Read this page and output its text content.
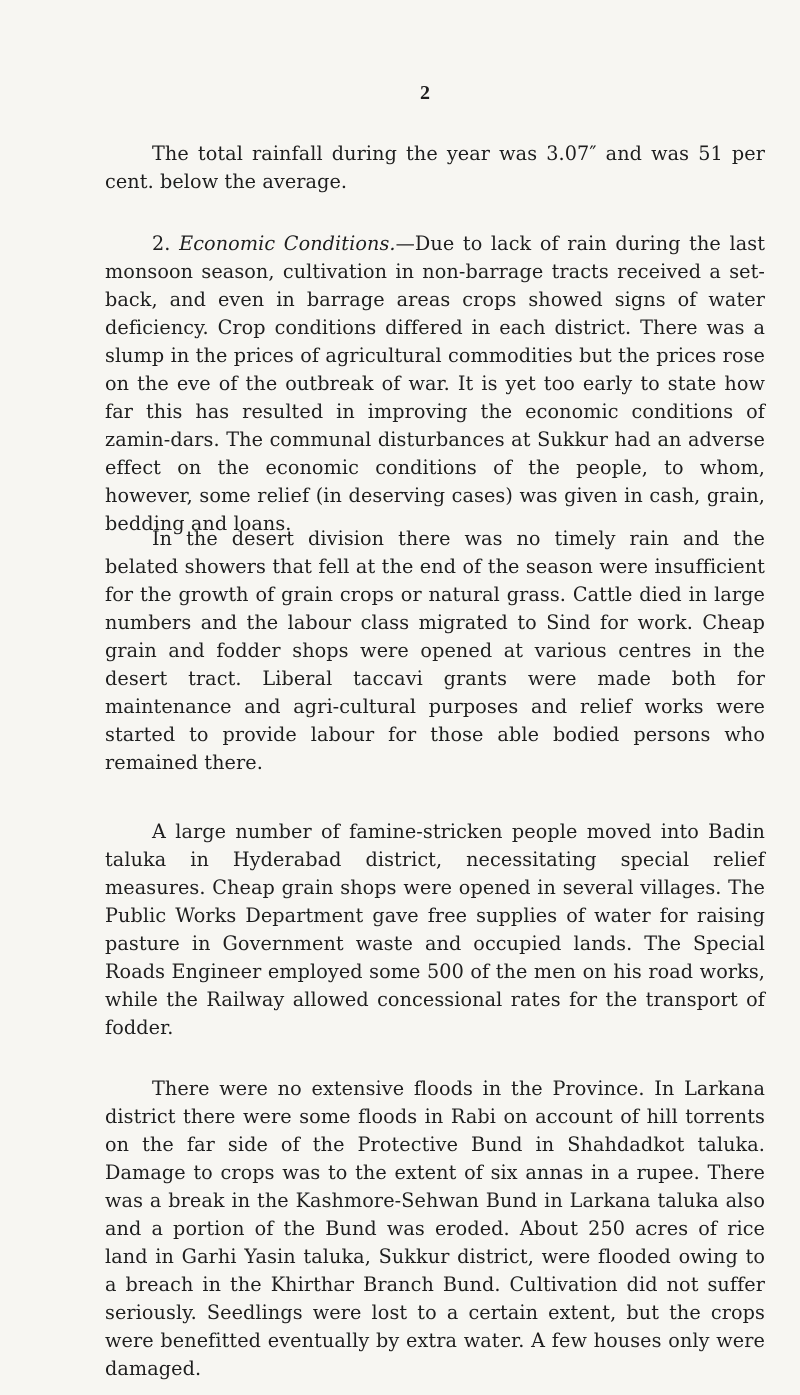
2

The total rainfall during the year was 3.07″ and was 51 per cent. below the average.

2. Economic Conditions.—Due to lack of rain during the last monsoon season, cultivation in non-barrage tracts received a set-back, and even in barrage areas crops showed signs of water deficiency. Crop conditions differed in each district. There was a slump in the prices of agricultural commodities but the prices rose on the eve of the outbreak of war. It is yet too early to state how far this has resulted in improving the economic conditions of zamin-dars. The communal disturbances at Sukkur had an adverse effect on the economic conditions of the people, to whom, however, some relief (in deserving cases) was given in cash, grain, bedding and loans.

In the desert division there was no timely rain and the belated showers that fell at the end of the season were insufficient for the growth of grain crops or natural grass. Cattle died in large numbers and the labour class migrated to Sind for work. Cheap grain and fodder shops were opened at various centres in the desert tract. Liberal taccavi grants were made both for maintenance and agri-cultural purposes and relief works were started to provide labour for those able bodied persons who remained there.

A large number of famine-stricken people moved into Badin taluka in Hyderabad district, necessitating special relief measures. Cheap grain shops were opened in several villages. The Public Works Department gave free supplies of water for raising pasture in Government waste and occupied lands. The Special Roads Engineer employed some 500 of the men on his road works, while the Railway allowed concessional rates for the transport of fodder.

There were no extensive floods in the Province. In Larkana district there were some floods in Rabi on account of hill torrents on the far side of the Protective Bund in Shahdadkot taluka. Damage to crops was to the extent of six annas in a rupee. There was a break in the Kashmore-Sehwan Bund in Larkana taluka also and a portion of the Bund was eroded. About 250 acres of rice land in Garhi Yasin taluka, Sukkur district, were flooded owing to a breach in the Khirthar Branch Bund. Cultivation did not suffer seriously. Seedlings were lost to a certain extent, but the crops were benefitted eventually by extra water. A few houses only were damaged.
